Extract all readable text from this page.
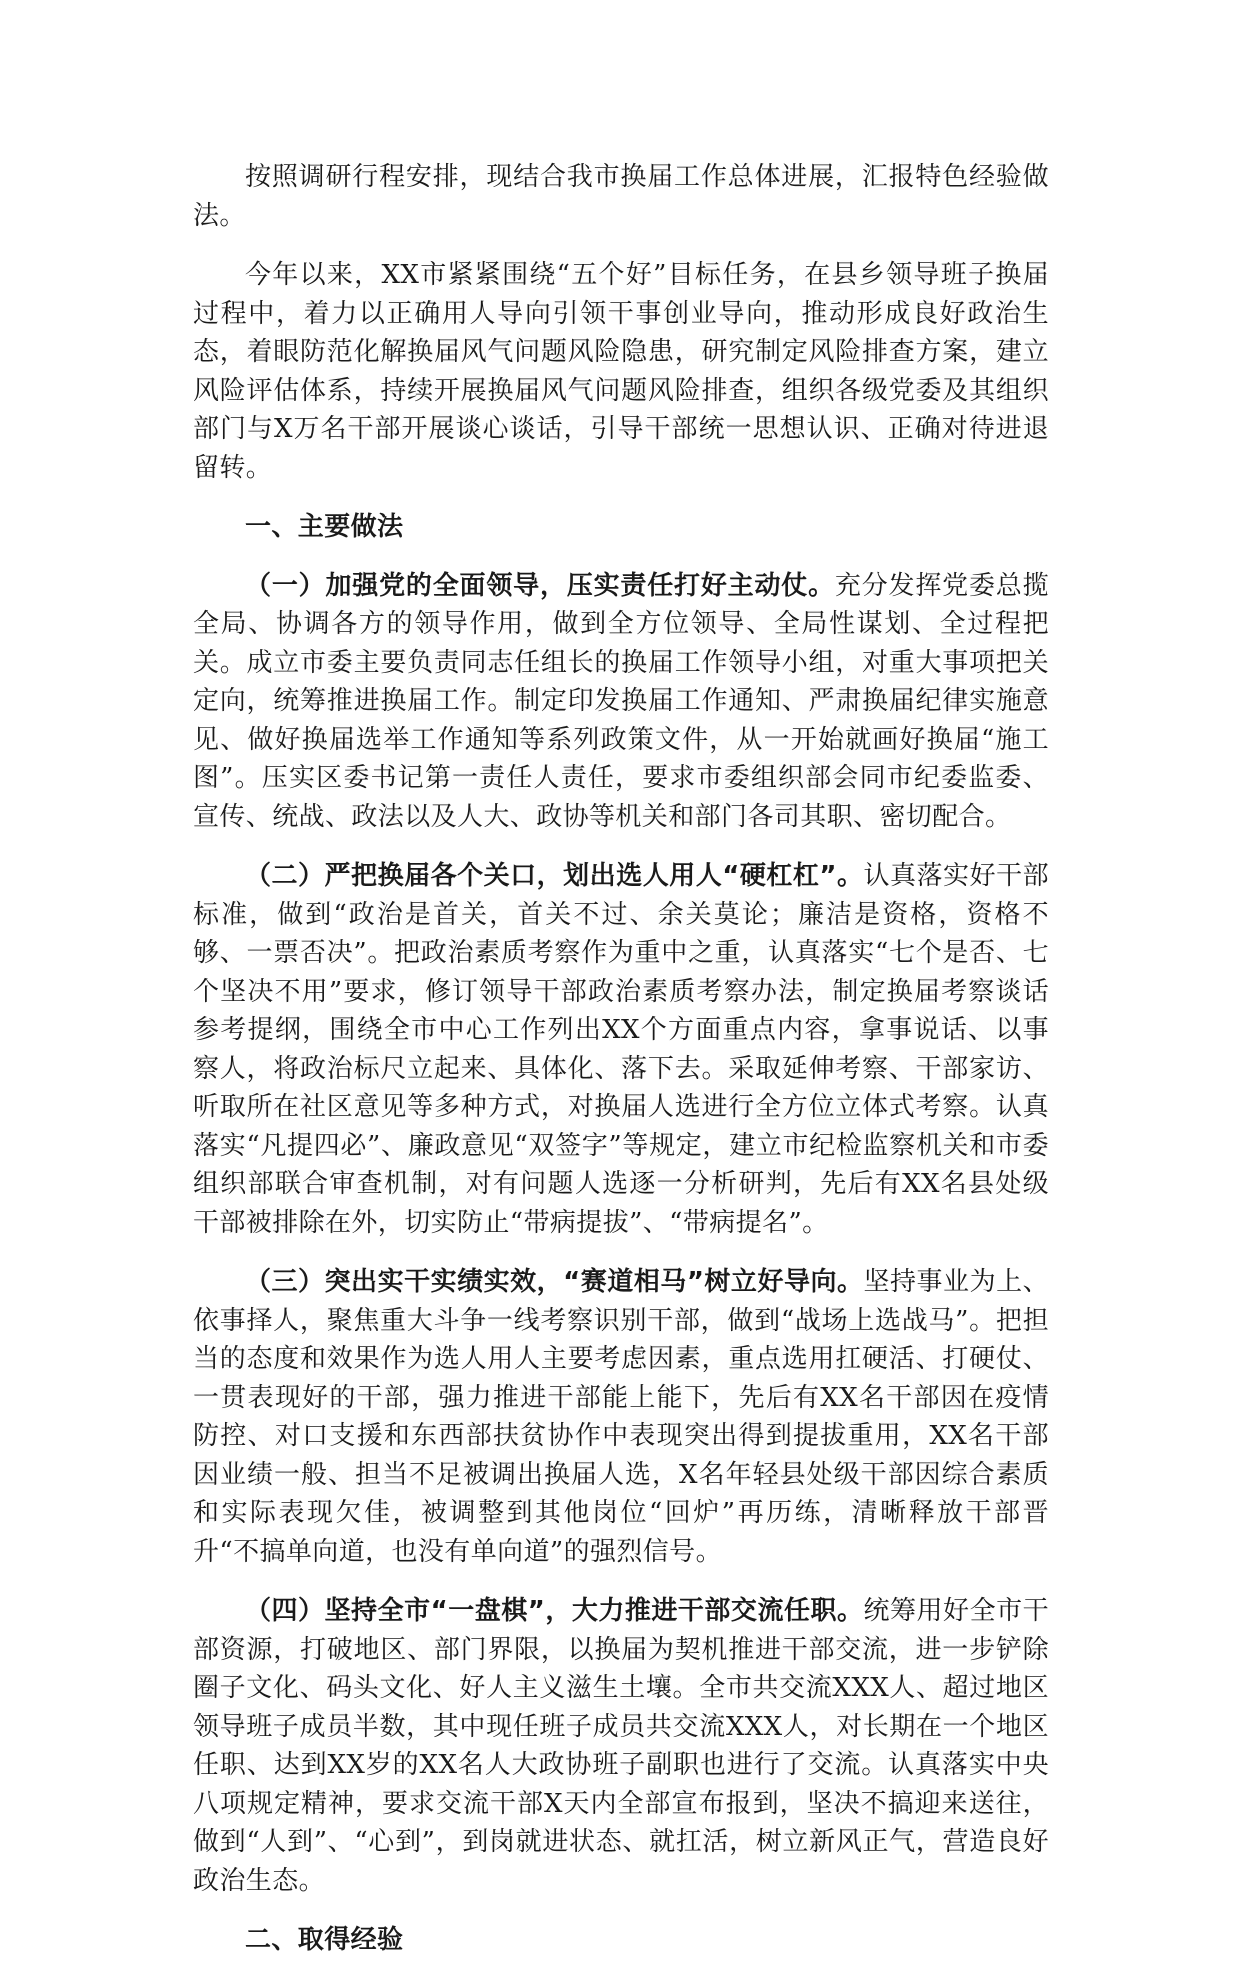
按照调研行程安排，现结合我市换届工作总体进展，汇报特色经验做法。

今年以来，XX市紧紧围绕“五个好”目标任务，在县乡领导班子换届过程中，着力以正确用人导向引领干事创业导向，推动形成良好政治生态，着眼防范化解换届风气问题风险隐患，研究制定风险排查方案，建立风险评估体系，持续开展换届风气问题风险排查，组织各级党委及其组织部门与X万名干部开展谈心谈话，引导干部统一思想认识、正确对待进退留转。

一、主要做法

（一）加强党的全面领导，压实责任打好主动仗。充分发挥党委总揽全局、协调各方的领导作用，做到全方位领导、全局性谋划、全过程把关。成立市委主要负责同志任组长的换届工作领导小组，对重大事项把关定向，统筹推进换届工作。制定印发换届工作通知、严肃换届纪律实施意见、做好换届选举工作通知等系列政策文件，从一开始就画好换届“施工图”。压实区委书记第一责任人责任，要求市委组织部会同市纪委监委、宣传、统战、政法以及人大、政协等机关和部门各司其职、密切配合。

（二）严把换届各个关口，划出选人用人“硬杠杠”。认真落实好干部标准，做到“政治是首关，首关不过、余关莫论；廉洁是资格，资格不够、一票否决”。把政治素质考察作为重中之重，认真落实“七个是否、七个坚决不用”要求，修订领导干部政治素质考察办法，制定换届考察谈话参考提纲，围绕全市中心工作列出XX个方面重点内容，拿事说话、以事察人，将政治标尺立起来、具体化、落下去。采取延伸考察、干部家访、听取所在社区意见等多种方式，对换届人选进行全方位立体式考察。认真落实“凡提四必”、廉政意见“双签字”等规定，建立市纪检监察机关和市委组织部联合审查机制，对有问题人选逐一分析研判，先后有XX名县处级干部被排除在外，切实防止“带病提拔”、“带病提名”。

（三）突出实干实绩实效，“赛道相马”树立好导向。坚持事业为上、依事择人，聚焦重大斗争一线考察识别干部，做到“战场上选战马”。把担当的态度和效果作为选人用人主要考虑因素，重点选用扛硬活、打硬仗、一贯表现好的干部，强力推进干部能上能下，先后有XX名干部因在疫情防控、对口支援和东西部扶贫协作中表现突出得到提拔重用，XX名干部因业绩一般、担当不足被调出换届人选，X名年轻县处级干部因综合素质和实际表现欠佳，被调整到其他岗位“回炉”再历练，清晰释放干部晋升“不搞单向道，也没有单向道”的强烈信号。

（四）坚持全市“一盘棋”，大力推进干部交流任职。统筹用好全市干部资源，打破地区、部门界限，以换届为契机推进干部交流，进一步铲除圈子文化、码头文化、好人主义滋生土壤。全市共交流XXX人、超过地区领导班子成员半数，其中现任班子成员共交流XXX人，对长期在一个地区任职、达到XX岁的XX名人大政协班子副职也进行了交流。认真落实中央八项规定精神，要求交流干部X天内全部宣布报到，坚决不搞迎来送往，做到“人到”、“心到”，到岗就进状态、就扛活，树立新风正气，营造良好政治生态。

二、取得经验
